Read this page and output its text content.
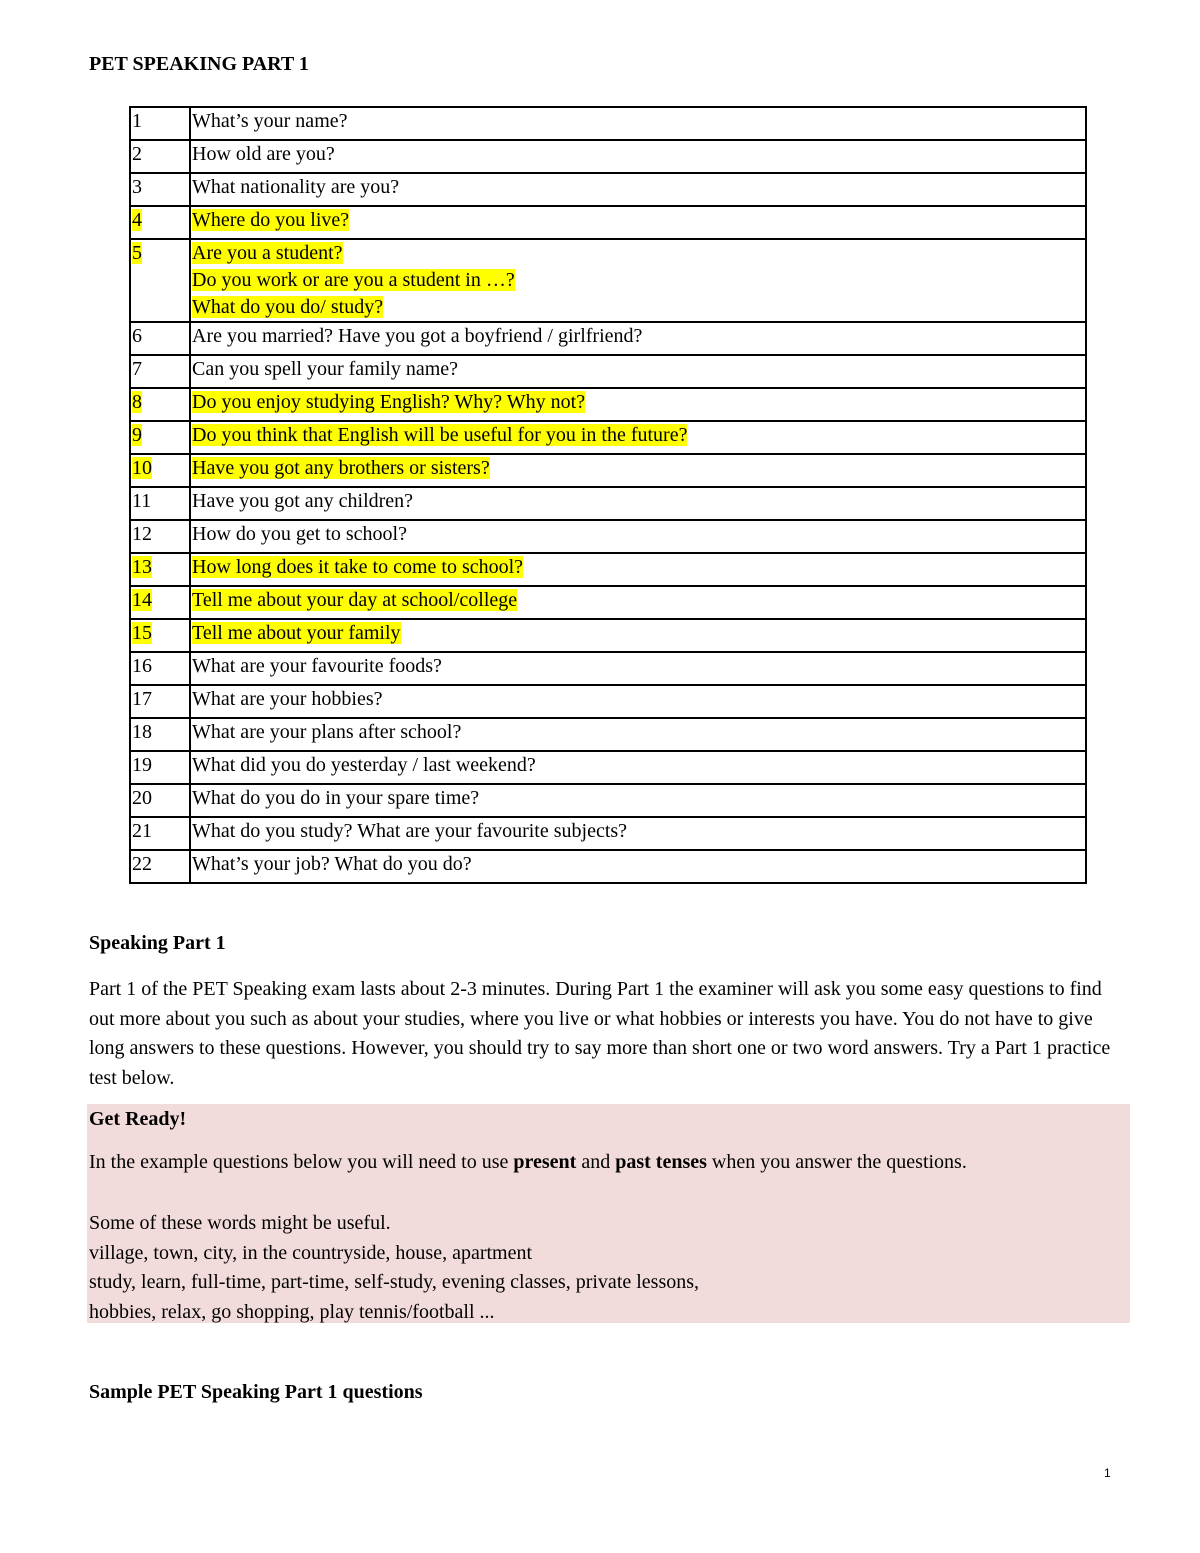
PET SPEAKING PART 1
1	What’s your name?

2	How old are you?

3	What nationality are you?

4	Where do you live?

5	Are you a student?
Do you work or are you a student in …?
What do you do/ study?

6	Are you married? Have you got a boyfriend / girlfriend?

7	Can you spell your family name?

8	Do you enjoy studying English? Why? Why not?

9	Do you think that English will be useful for you in the future?

10	Have you got any brothers or sisters?

11	Have you got any children?

12	How do you get to school?

13	How long does it take to come to school?

14	Tell me about your day at school/college

15	Tell me about your family

16	What are your favourite foods?

17	What are your hobbies?

18	What are your plans after school?

19	What did you do yesterday / last weekend?

20	What do you do in your spare time?

21	What do you study? What are your favourite subjects?

22	What’s your job? What do you do?
Speaking Part 1
Part 1 of the PET Speaking exam lasts about 2-3 minutes. During Part 1 the examiner will ask you some easy questions to find out more about you such as about your studies, where you live or what hobbies or interests you have. You do not have to give long answers to these questions. However, you should try to say more than short one or two word answers. Try a Part 1 practice test below.
Get Ready!
In the example questions below you will need to use present and past tenses when you answer the questions.
Some of these words might be useful.
village, town, city, in the countryside, house, apartment
study, learn, full-time, part-time, self-study, evening classes, private lessons,
hobbies, relax, go shopping, play tennis/football ...
Sample PET Speaking Part 1 questions
1
